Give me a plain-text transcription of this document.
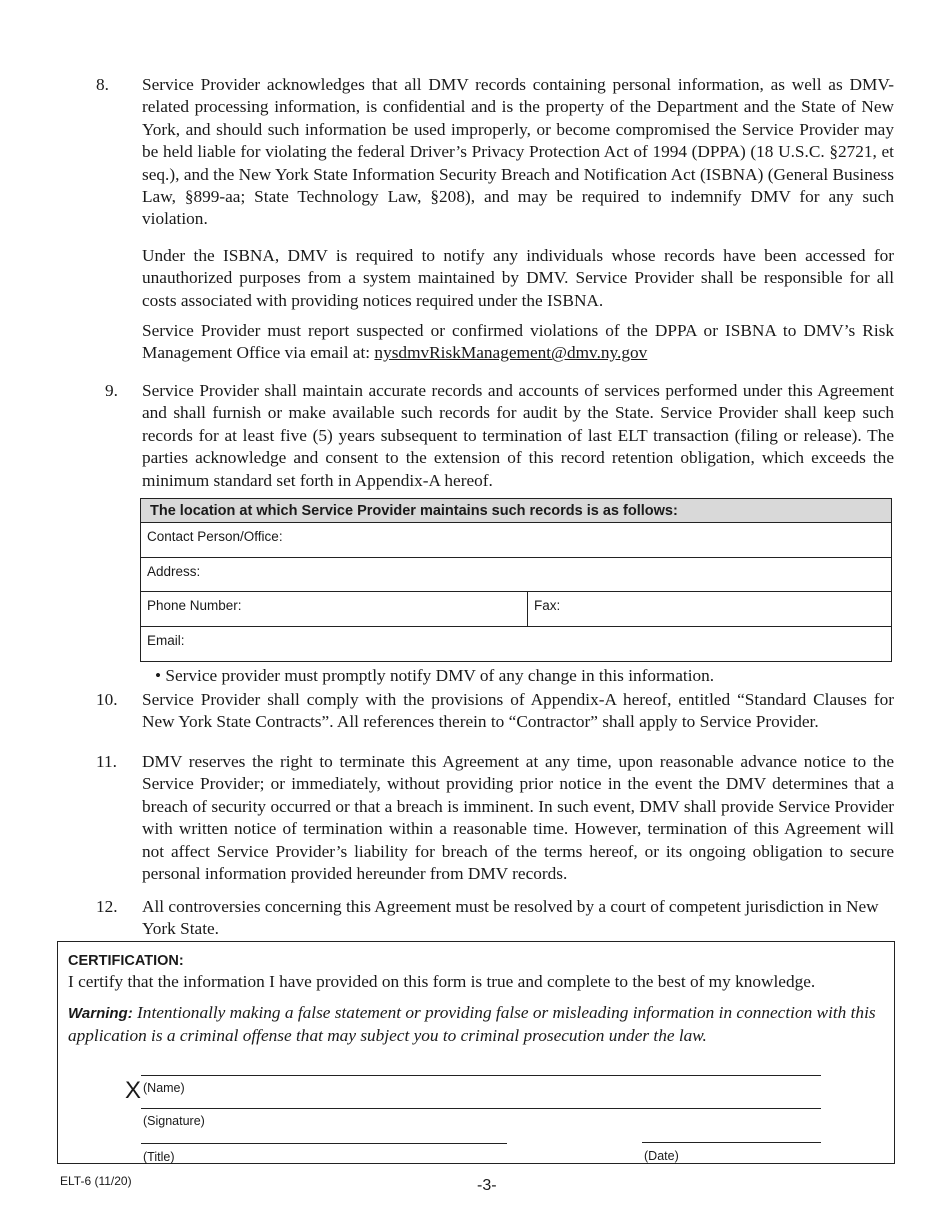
8.	Service Provider acknowledges that all DMV records containing personal information, as well as DMV-related processing information, is confidential and is the property of the Department and the State of New York, and should such information be used improperly, or become compromised the Service Provider may be held liable for violating the federal Driver’s Privacy Protection Act of 1994 (DPPA) (18 U.S.C. §2721, et seq.), and the New York State Information Security Breach and Notification Act (ISBNA) (General Business Law, §899-aa; State Technology Law, §208), and may be required to indemnify DMV for any such violation.
Under the ISBNA, DMV is required to notify any individuals whose records have been accessed for unauthorized purposes from a system maintained by DMV. Service Provider shall be responsible for all costs associated with providing notices required under the ISBNA.
Service Provider must report suspected or confirmed violations of the DPPA or ISBNA to DMV’s Risk Management Office via email at: nysdmvRiskManagement@dmv.ny.gov
9.	Service Provider shall maintain accurate records and accounts of services performed under this Agreement and shall furnish or make available such records for audit by the State. Service Provider shall keep such records for at least five (5) years subsequent to termination of last ELT transaction (filing or release). The parties acknowledge and consent to the extension of this record retention obligation, which exceeds the minimum standard set forth in Appendix-A hereof.
The location at which Service Provider maintains such records is as follows:
Contact Person/Office:
Address:
Phone Number:	Fax:
Email:
• Service provider must promptly notify DMV of any change in this information.
10.	Service Provider shall comply with the provisions of Appendix-A hereof, entitled “Standard Clauses for New York State Contracts”. All references therein to “Contractor” shall apply to Service Provider.
11.	DMV reserves the right to terminate this Agreement at any time, upon reasonable advance notice to the Service Provider; or immediately, without providing prior notice in the event the DMV determines that a breach of security occurred or that a breach is imminent. In such event, DMV shall provide Service Provider with written notice of termination within a reasonable time. However, termination of this Agreement will not affect Service Provider’s liability for breach of the terms hereof, or its ongoing obligation to secure personal information provided hereunder from DMV records.
12.	All controversies concerning this Agreement must be resolved by a court of competent jurisdiction in New York State.
CERTIFICATION:
I certify that the information I have provided on this form is true and complete to the best of my knowledge.
Warning: Intentionally making a false statement or providing false or misleading information in connection with this application is a criminal offense that may subject you to criminal prosecution under the law.
X (Name)
(Signature)
(Title)	(Date)
ELT-6 (11/20)	-3-
